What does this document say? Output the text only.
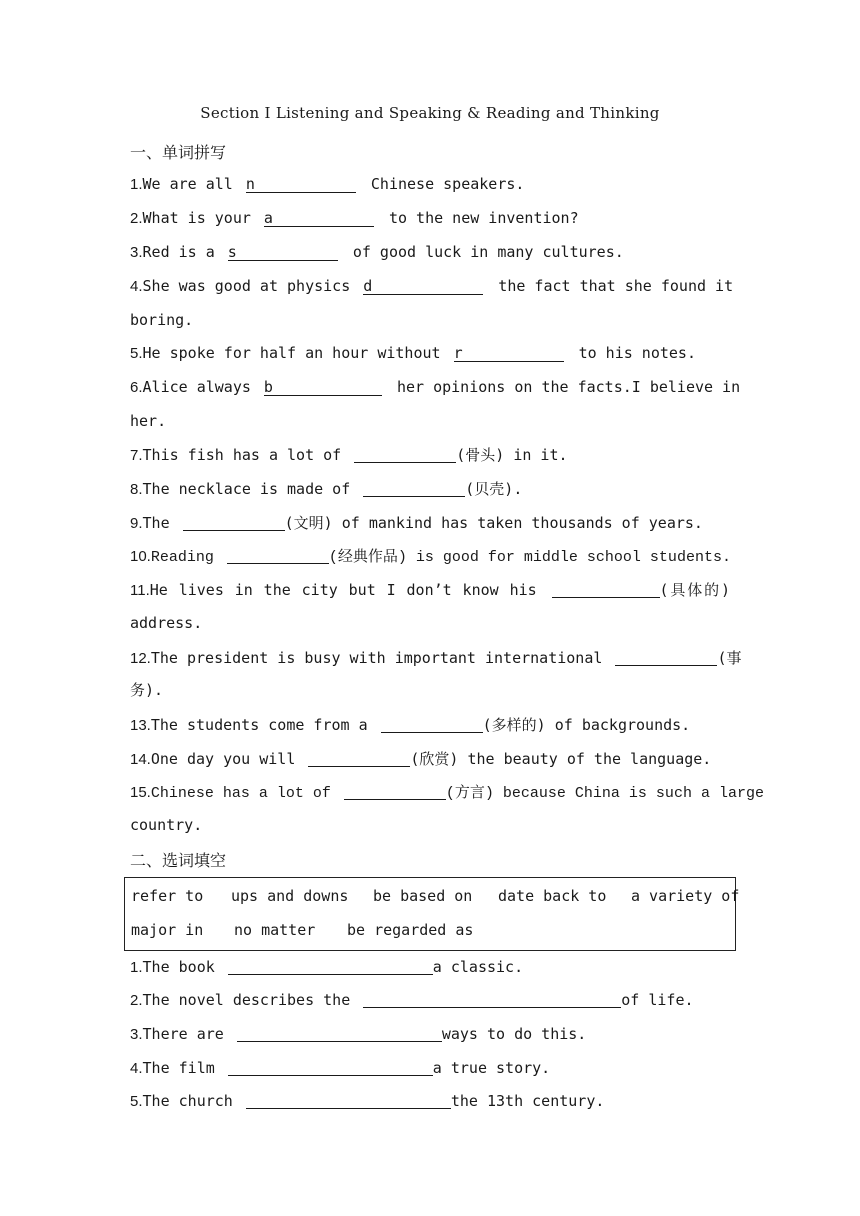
Section Ⅰ Listening and Speaking & Reading and Thinking
一、单词拼写
1.We are all n	Chinese speakers.
2.What is your a	to the new invention?
3.Red is a s	of good luck in many cultures.
4.She was good at physics d	the fact that she found it
boring.
5.He spoke for half an hour without r	to his notes.
6.Alice always b	her opinions on the facts.I believe in
her.
7.This fish has a lot of	(骨头) in it.
8.The necklace is made of	(贝壳).
9.The	(文明) of mankind has taken thousands of years.
10.Reading	(经典作品) is good for middle school students.
11.He lives in the city but I don’t know his	(具体的)
address.
12.The president is busy with important international	(事
务).
13.The students come from a	(多样的) of backgrounds.
14.One day you will	(欣赏) the beauty of the language.
15.Chinese has a lot of	(方言) because China is such a large
country.
二、选词填空
refer to ups and downs be based on date back to a variety of
major in no matter be regarded as
1.The book	a classic.
2.The novel describes the	of life.
3.There are	ways to do this.
4.The film	a true story.
5.The church	the 13th century.
